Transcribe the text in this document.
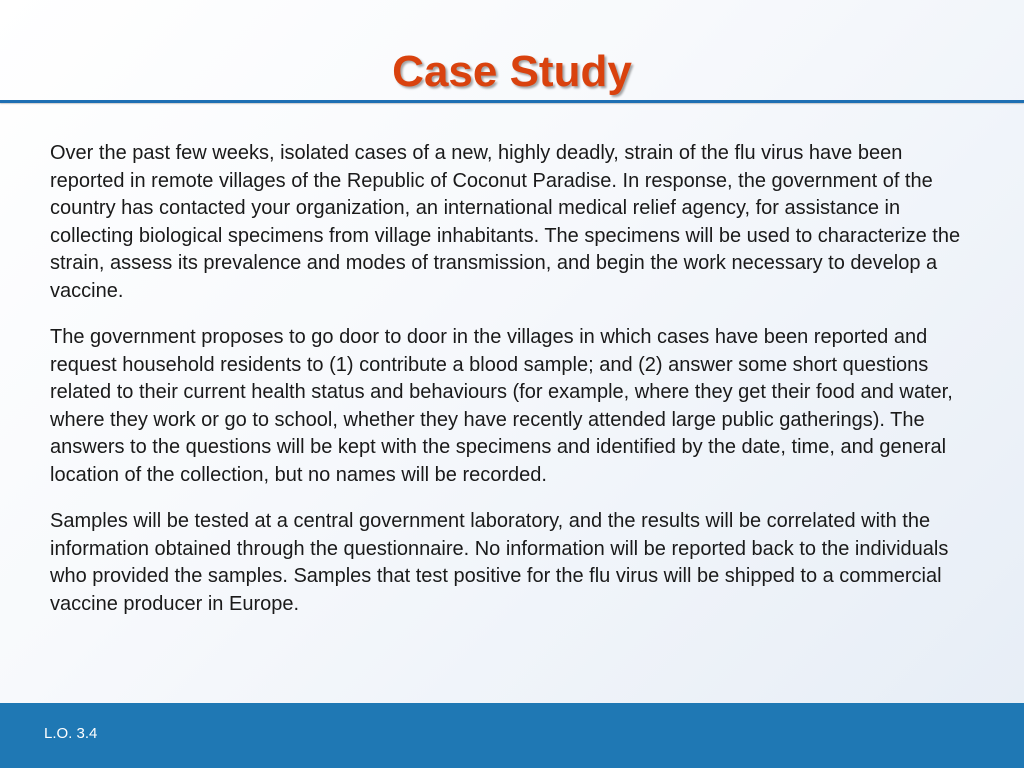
Case Study

Over the past few weeks, isolated cases of a new, highly deadly, strain of the flu virus have been reported in remote villages of the Republic of Coconut Paradise. In response, the government of the country has contacted your organization, an international medical relief agency, for assistance in collecting biological specimens from village inhabitants. The specimens will be used to characterize the strain, assess its prevalence and modes of transmission, and begin the work necessary to develop a vaccine.

The government proposes to go door to door in the villages in which cases have been reported and request household residents to (1) contribute a blood sample; and (2) answer some short questions related to their current health status and behaviours (for example, where they get their food and water, where they work or go to school, whether they have recently attended large public gatherings). The answers to the questions will be kept with the specimens and identified by the date, time, and general location of the collection, but no names will be recorded.

Samples will be tested at a central government laboratory, and the results will be correlated with the information obtained through the questionnaire. No information will be reported back to the individuals who provided the samples. Samples that test positive for the flu virus will be shipped to a commercial vaccine producer in Europe.

L.O. 3.4
